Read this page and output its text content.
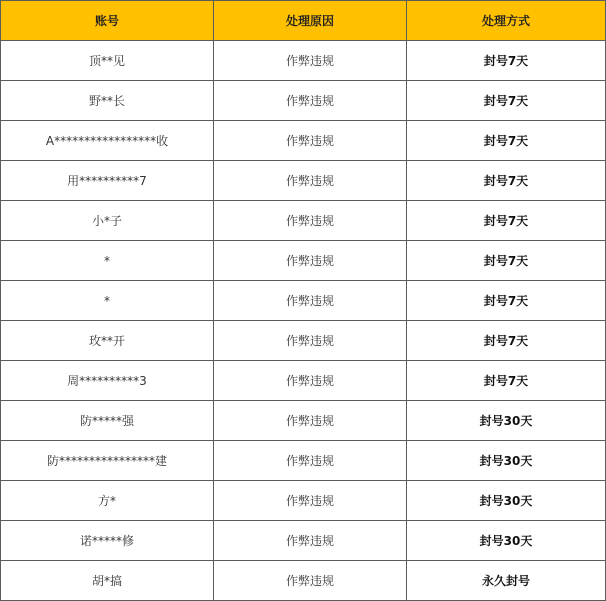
账号	处理原因	处理方式
顶**见	作弊违规	封号7天
野**长	作弊违规	封号7天
A*****************收	作弊违规	封号7天
用**********7	作弊违规	封号7天
小*子	作弊违规	封号7天
*	作弊违规	封号7天
*	作弊违规	封号7天
玫**开	作弊违规	封号7天
周**********3	作弊违规	封号7天
防*****强	作弊违规	封号30天
防****************建	作弊违规	封号30天
方*	作弊违规	封号30天
诺*****修	作弊违规	封号30天
胡*搞	作弊违规	永久封号
